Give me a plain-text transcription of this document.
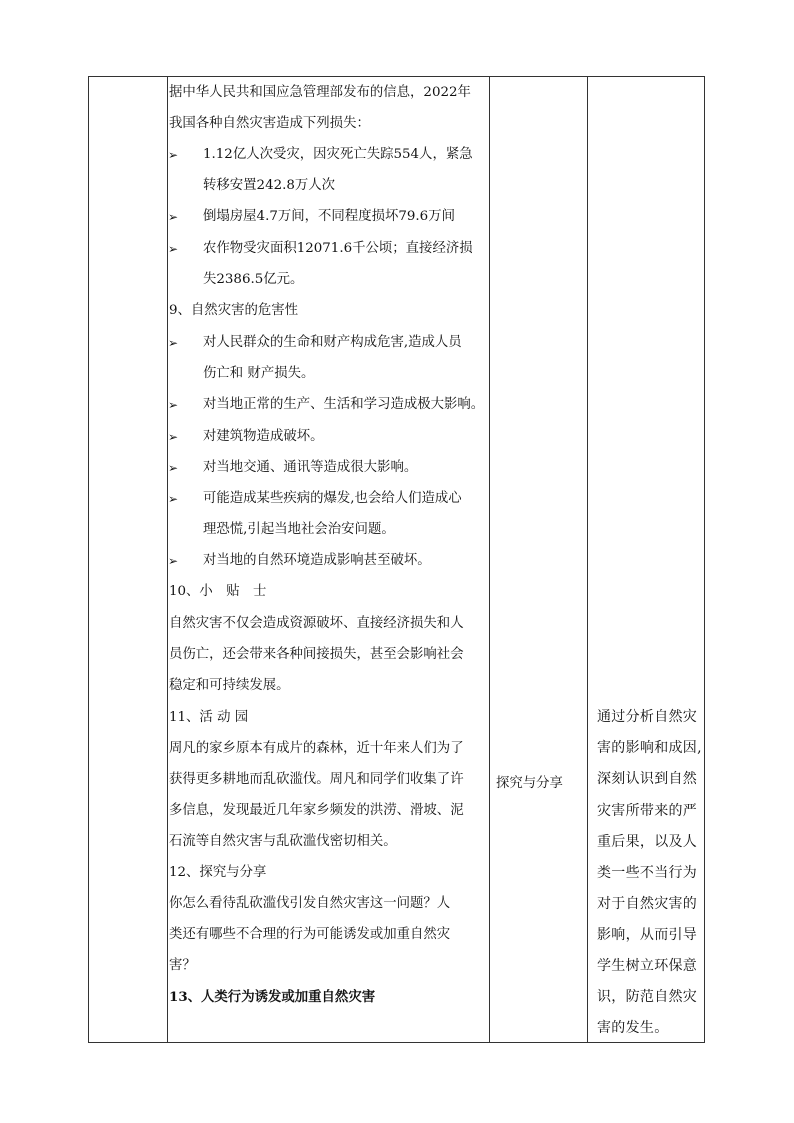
据中华人民共和国应急管理部发布的信息，2022年
我国各种自然灾害造成下列损失：
➢ 1.12亿人次受灾，因灾死亡失踪554人，紧急
转移安置242.8万人次
➢ 倒塌房屋4.7万间，不同程度损坏79.6万间
➢ 农作物受灾面积12071.6千公顷；直接经济损
失2386.5亿元。
9、自然灾害的危害性
➢ 对人民群众的生命和财产构成危害,造成人员
伤亡和 财产损失。
➢ 对当地正常的生产、生活和学习造成极大影响。
➢ 对建筑物造成破坏。
➢ 对当地交通、通讯等造成很大影响。
➢ 可能造成某些疾病的爆发,也会给人们造成心
理恐慌,引起当地社会治安问题。
➢ 对当地的自然环境造成影响甚至破坏。
10、小　贴　士
自然灾害不仅会造成资源破坏、直接经济损失和人
员伤亡，还会带来各种间接损失，甚至会影响社会
稳定和可持续发展。
11、活 动 园
周凡的家乡原本有成片的森林，近十年来人们为了
获得更多耕地而乱砍滥伐。周凡和同学们收集了许
多信息，发现最近几年家乡频发的洪涝、滑坡、泥
石流等自然灾害与乱砍滥伐密切相关。
12、探究与分享
你怎么看待乱砍滥伐引发自然灾害这一问题？人
类还有哪些不合理的行为可能诱发或加重自然灾
害？
13、人类行为诱发或加重自然灾害
探究与分享
通过分析自然灾
害的影响和成因,
深刻认识到自然
灾害所带来的严
重后果，以及人
类一些不当行为
对于自然灾害的
影响，从而引导
学生树立环保意
识，防范自然灾
害的发生。
